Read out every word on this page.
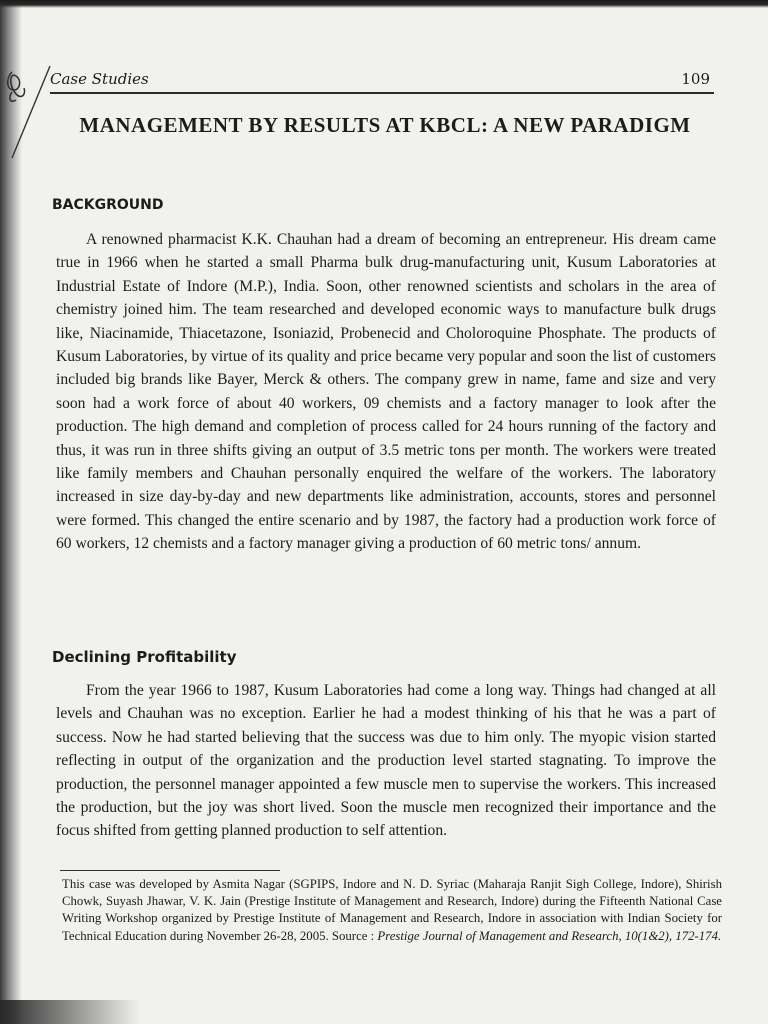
Case Studies	109
MANAGEMENT BY RESULTS AT KBCL: A NEW PARADIGM
BACKGROUND

A renowned pharmacist K.K. Chauhan had a dream of becoming an entrepreneur. His dream came true in 1966 when he started a small Pharma bulk drug-manufacturing unit, Kusum Laboratories at Industrial Estate of Indore (M.P.), India. Soon, other renowned scientists and scholars in the area of chemistry joined him. The team researched and developed economic ways to manufacture bulk drugs like, Niacinamide, Thiacetazone, Isoniazid, Probenecid and Choloroquine Phosphate. The products of Kusum Laboratories, by virtue of its quality and price became very popular and soon the list of customers included big brands like Bayer, Merck & others. The company grew in name, fame and size and very soon had a work force of about 40 workers, 09 chemists and a factory manager to look after the production. The high demand and completion of process called for 24 hours running of the factory and thus, it was run in three shifts giving an output of 3.5 metric tons per month. The workers were treated like family members and Chauhan personally enquired the welfare of the workers. The laboratory increased in size day-by-day and new departments like administration, accounts, stores and personnel were formed. This changed the entire scenario and by 1987, the factory had a production work force of 60 workers, 12 chemists and a factory manager giving a production of 60 metric tons/ annum.

Declining Profitability

From the year 1966 to 1987, Kusum Laboratories had come a long way. Things had changed at all levels and Chauhan was no exception. Earlier he had a modest thinking of his that he was a part of success. Now he had started believing that the success was due to him only. The myopic vision started reflecting in output of the organization and the production level started stagnating. To improve the production, the personnel manager appointed a few muscle men to supervise the workers. This increased the production, but the joy was short lived. Soon the muscle men recognized their importance and the focus shifted from getting planned production to self attention.

This case was developed by Asmita Nagar (SGPIPS, Indore and N. D. Syriac (Maharaja Ranjit Sigh College, Indore), Shirish Chowk, Suyash Jhawar, V. K. Jain (Prestige Institute of Management and Research, Indore) during the Fifteenth National Case Writing Workshop organized by Prestige Institute of Management and Research, Indore in association with Indian Society for Technical Education during November 26-28, 2005. Source : Prestige Journal of Management and Research, 10(1&2), 172-174.
